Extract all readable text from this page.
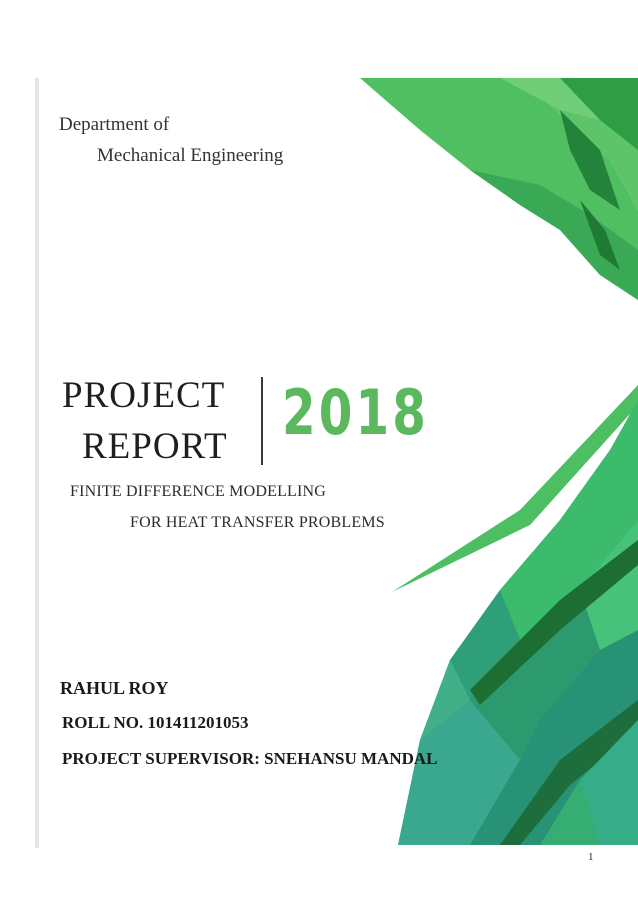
Department of
Mechanical Engineering
PROJECT
REPORT 2018
FINITE DIFFERENCE MODELLING
FOR HEAT TRANSFER PROBLEMS
RAHUL ROY
ROLL NO. 101411201053
PROJECT SUPERVISOR: SNEHANSU MANDAL
1
